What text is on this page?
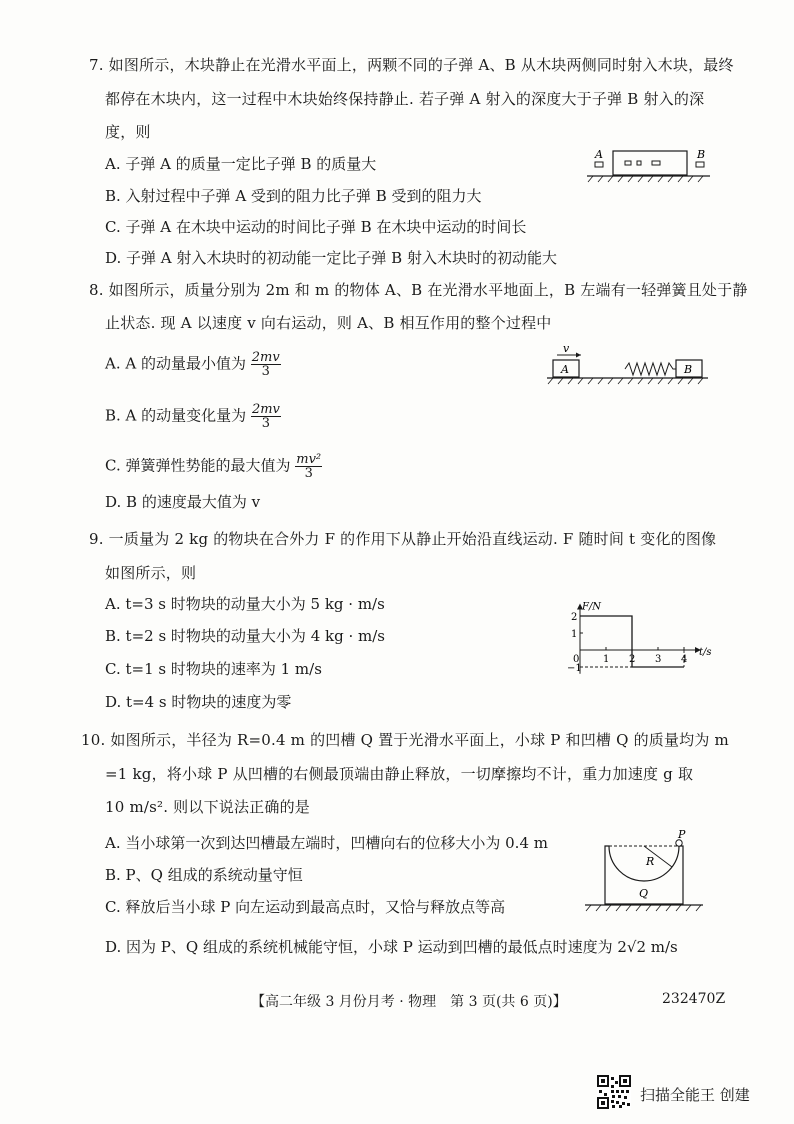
7. 如图所示，木块静止在光滑水平面上，两颗不同的子弹 A、B 从木块两侧同时射入木块，最终
都停在木块内，这一过程中木块始终保持静止. 若子弹 A 射入的深度大于子弹 B 射入的深
度，则
A. 子弹 A 的质量一定比子弹 B 的质量大
B. 入射过程中子弹 A 受到的阻力比子弹 B 受到的阻力大
C. 子弹 A 在木块中运动的时间比子弹 B 在木块中运动的时间长
D. 子弹 A 射入木块时的初动能一定比子弹 B 射入木块时的初动能大
A	B
8. 如图所示，质量分别为 2m 和 m 的物体 A、B 在光滑水平地面上，B 左端有一轻弹簧且处于静
止状态. 现 A 以速度 v 向右运动，则 A、B 相互作用的整个过程中
A. A 的动量最小值为 $\frac{2mv}{3}$
B. A 的动量变化量为 $\frac{2mv}{3}$
C. 弹簧弹性势能的最大值为 $\frac{\text{mv²}}{3}$
D. B 的速度最大值为 v
v
A	B
9. 一质量为 2 kg 的物块在合外力 F 的作用下从静止开始沿直线运动. F 随时间 t 变化的图像
如图所示，则
A. t=3 s 时物块的动量大小为 5 kg · m/s
B. t=2 s 时物块的动量大小为 4 kg · m/s
C. t=1 s 时物块的速率为 1 m/s
D. t=4 s 时物块的速度为零
F/N
t/s
0 1 2 3 4
2
1
−1
10. 如图所示，半径为 R=0.4 m 的凹槽 Q 置于光滑水平面上，小球 P 和凹槽 Q 的质量均为 m
=1 kg，将小球 P 从凹槽的右侧最顶端由静止释放，一切摩擦均不计，重力加速度 g 取
10 m/s². 则以下说法正确的是
A. 当小球第一次到达凹槽最左端时，凹槽向右的位移大小为 0.4 m
B. P、Q 组成的系统动量守恒
C. 释放后当小球 P 向左运动到最高点时，又恰与释放点等高
D. 因为 P、Q 组成的系统机械能守恒，小球 P 运动到凹槽的最低点时速度为 2√2 m/s
P
R
Q
【高二年级 3 月份月考 · 物理　第 3 页(共 6 页)】	232470Z
扫描全能王 创建
